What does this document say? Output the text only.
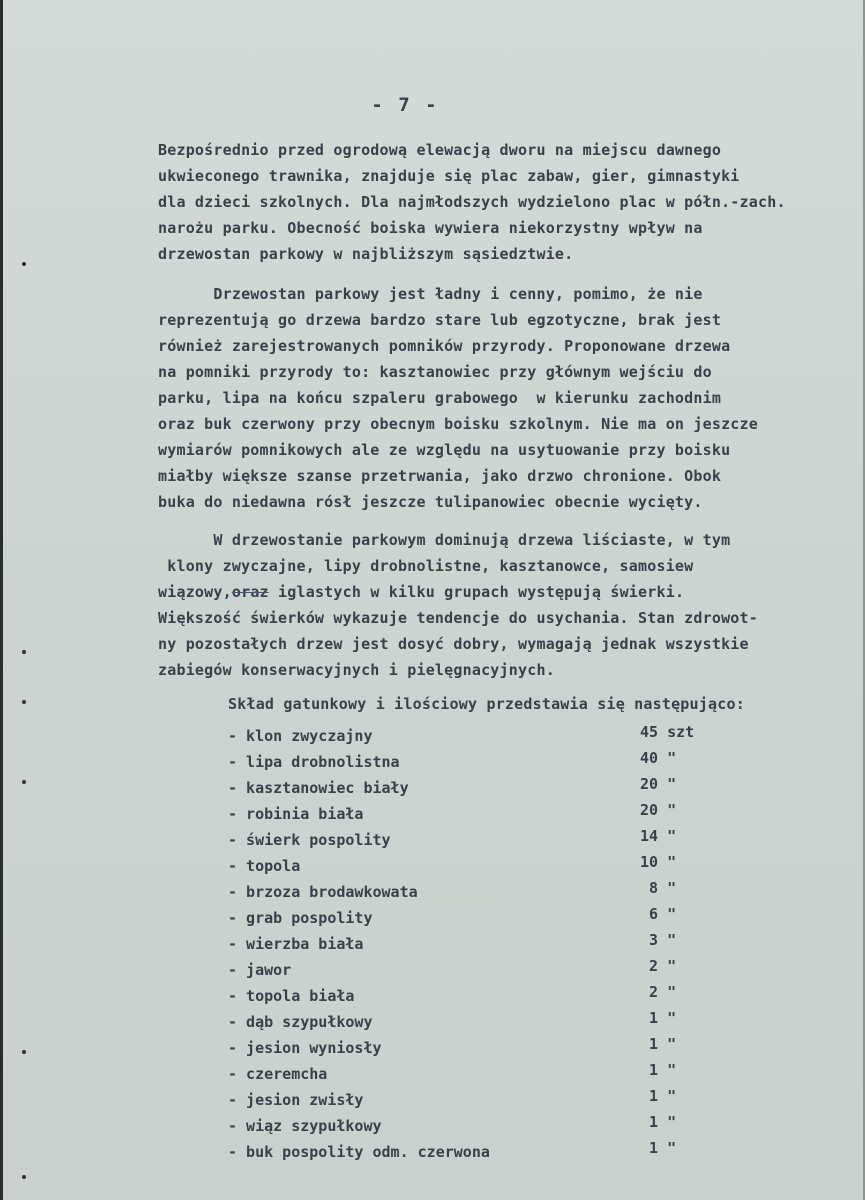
- 7 -
Bezpośrednio przed ogrodową elewacją dworu na miejscu dawnego
ukwieconego trawnika, znajduje się plac zabaw, gier, gimnastyki
dla dzieci szkolnych. Dla najmłodszych wydzielono plac w półn.-zach.
narożu parku. Obecność boiska wywiera niekorzystny wpływ na
drzewostan parkowy w najbliższym sąsiedztwie.
Drzewostan parkowy jest ładny i cenny, pomimo, że nie
reprezentują go drzewa bardzo stare lub egzotyczne, brak jest
również zarejestrowanych pomników przyrody. Proponowane drzewa
na pomniki przyrody to: kasztanowiec przy głównym wejściu do
parku, lipa na końcu szpaleru grabowego  w kierunku zachodnim
oraz buk czerwony przy obecnym boisku szkolnym. Nie ma on jeszcze
wymiarów pomnikowych ale ze względu na usytuowanie przy boisku
miałby większe szanse przetrwania, jako drzwo chronione. Obok
buka do niedawna rósł jeszcze tulipanowiec obecnie wycięty.
W drzewostanie parkowym dominują drzewa liściaste, w tym
klony zwyczajne, lipy drobnolistne, kasztanowce, samosiew
wiązowy,oraz iglastych w kilku grupach występują świerki.
Większość świerków wykazuje tendencje do usychania. Stan zdrowot-
ny pozostałych drzew jest dosyć dobry, wymagają jednak wszystkie
zabiegów konserwacyjnych i pielęgnacyjnych.
Skład gatunkowy i ilościowy przedstawia się następująco:
- klon zwyczajny	45 szt
- lipa drobnolistna	40 "
- kasztanowiec biały	20 "
- robinia biała	20 "
- świerk pospolity	14 "
- topola	10 "
- brzoza brodawkowata	8 "
- grab pospolity	6 "
- wierzba biała	3 "
- jawor	2 "
- topola biała	2 "
- dąb szypułkowy	1 "
- jesion wyniosły	1 "
- czeremcha	1 "
- jesion zwisły	1 "
- wiąz szypułkowy	1 "
- buk pospolity odm. czerwona	1 "
